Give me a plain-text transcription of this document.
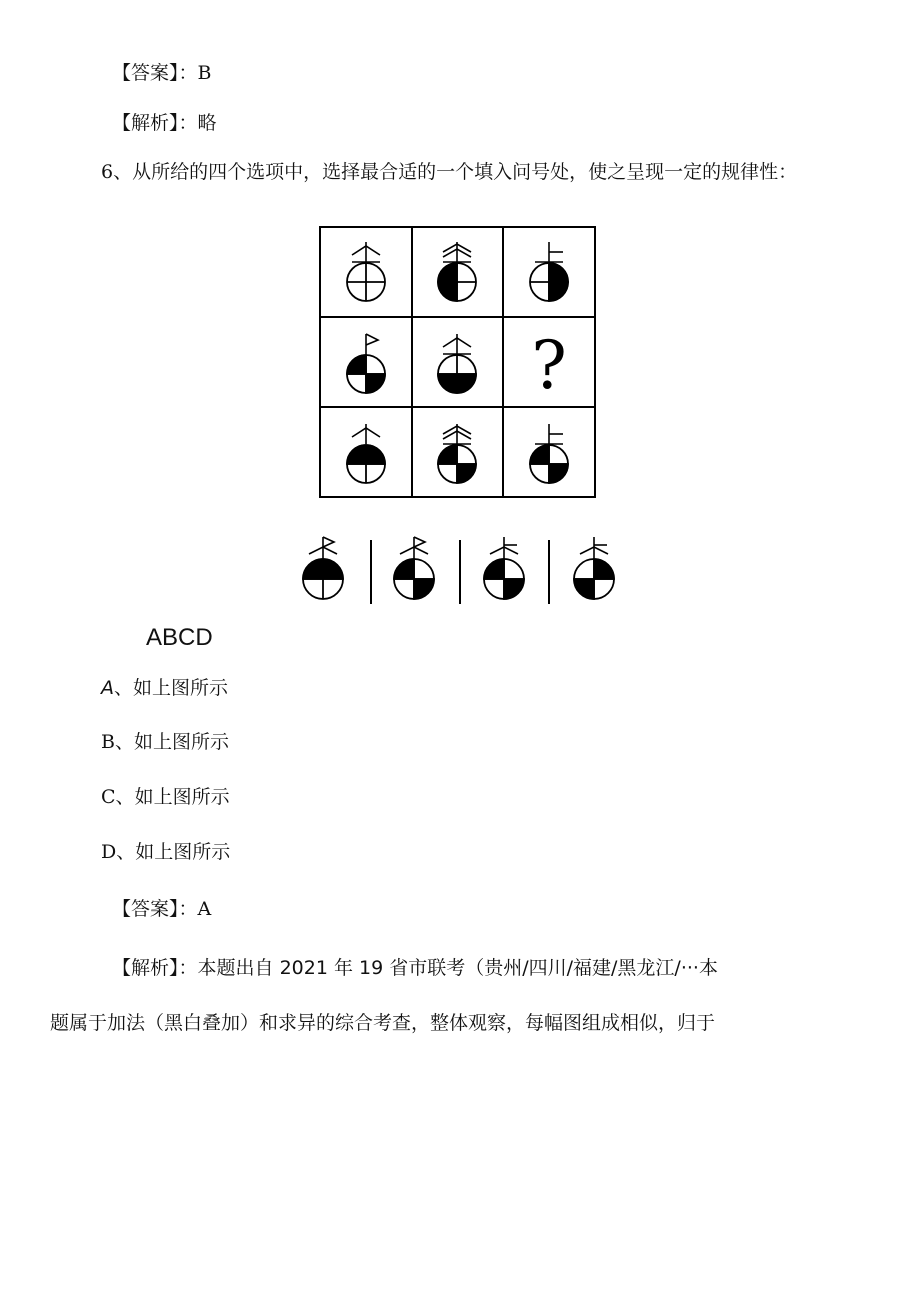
【答案】：B
【解析】：略
6、从所给的四个选项中，选择最合适的一个填入问号处，使之呈现一定的规律性：
?
ABCD
A、如上图所示
B、如上图所示
C、如上图所示
D、如上图所示
【答案】：A
【解析】：本题出自 2021 年 19 省市联考（贵州/四川/福建/黑龙江/···本
题属于加法（黑白叠加）和求异的综合考查，整体观察，每幅图组成相似，归于
